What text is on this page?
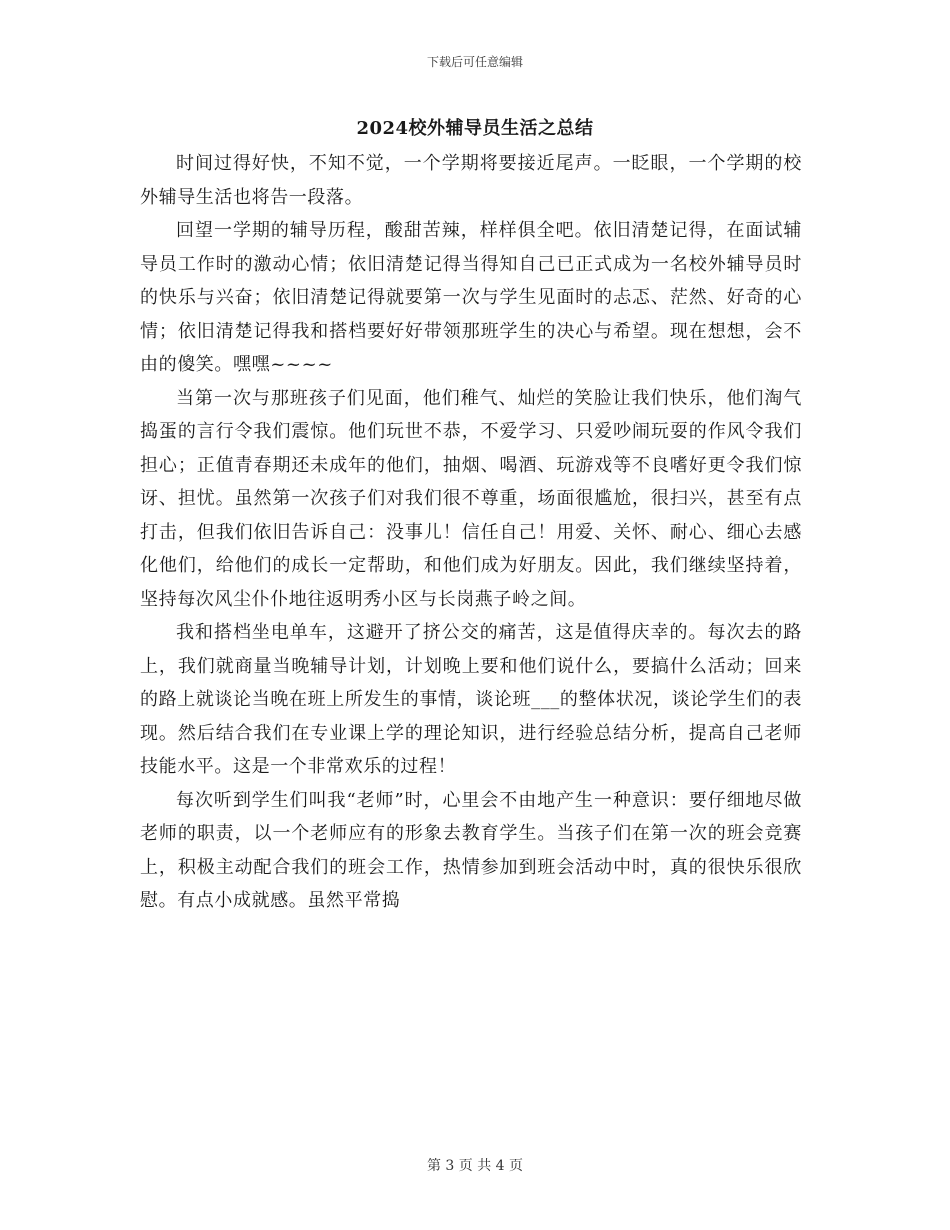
下载后可任意编辑
2024校外辅导员生活之总结

时间过得好快，不知不觉，一个学期将要接近尾声。一眨眼，一个学期的校外辅导生活也将告一段落。

回望一学期的辅导历程，酸甜苦辣，样样俱全吧。依旧清楚记得，在面试辅导员工作时的激动心情；依旧清楚记得当得知自己已正式成为一名校外辅导员时的快乐与兴奋；依旧清楚记得就要第一次与学生见面时的忐忑、茫然、好奇的心情；依旧清楚记得我和搭档要好好带领那班学生的决心与希望。现在想想，会不由的傻笑。嘿嘿~~~~

当第一次与那班孩子们见面，他们稚气、灿烂的笑脸让我们快乐，他们淘气捣蛋的言行令我们震惊。他们玩世不恭，不爱学习、只爱吵闹玩耍的作风令我们担心；正值青春期还未成年的他们，抽烟、喝酒、玩游戏等不良嗜好更令我们惊讶、担忧。虽然第一次孩子们对我们很不尊重，场面很尴尬，很扫兴，甚至有点打击，但我们依旧告诉自己：没事儿！信任自己！用爱、关怀、耐心、细心去感化他们，给他们的成长一定帮助，和他们成为好朋友。因此，我们继续坚持着，坚持每次风尘仆仆地往返明秀小区与长岗燕子岭之间。

我和搭档坐电单车，这避开了挤公交的痛苦，这是值得庆幸的。每次去的路上，我们就商量当晚辅导计划，计划晚上要和他们说什么，要搞什么活动；回来的路上就谈论当晚在班上所发生的事情，谈论班___的整体状况，谈论学生们的表现。然后结合我们在专业课上学的理论知识，进行经验总结分析，提高自己老师技能水平。这是一个非常欢乐的过程！

每次听到学生们叫我“老师”时，心里会不由地产生一种意识：要仔细地尽做老师的职责，以一个老师应有的形象去教育学生。当孩子们在第一次的班会竞赛上，积极主动配合我们的班会工作，热情参加到班会活动中时，真的很快乐很欣慰。有点小成就感。虽然平常捣

第 3 页 共 4 页
